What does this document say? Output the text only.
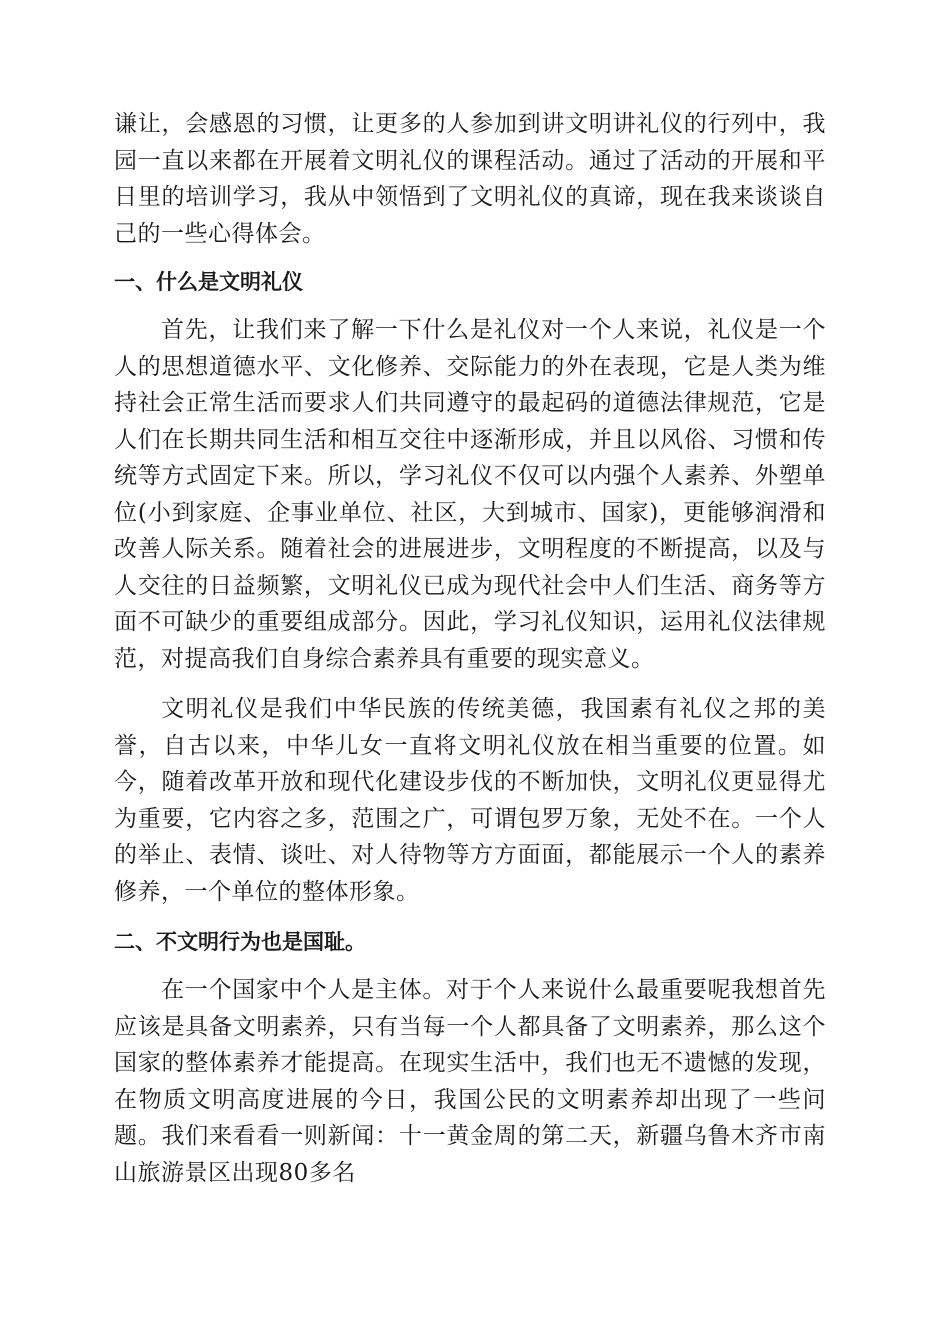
谦让，会感恩的习惯，让更多的人参加到讲文明讲礼仪的行列中，我园一直以来都在开展着文明礼仪的课程活动。通过了活动的开展和平日里的培训学习，我从中领悟到了文明礼仪的真谛，现在我来谈谈自己的一些心得体会。

一、什么是文明礼仪

首先，让我们来了解一下什么是礼仪对一个人来说，礼仪是一个人的思想道德水平、文化修养、交际能力的外在表现，它是人类为维持社会正常生活而要求人们共同遵守的最起码的道德法律规范，它是人们在长期共同生活和相互交往中逐渐形成，并且以风俗、习惯和传统等方式固定下来。所以，学习礼仪不仅可以内强个人素养、外塑单位(小到家庭、企事业单位、社区，大到城市、国家)，更能够润滑和改善人际关系。随着社会的进展进步，文明程度的不断提高，以及与人交往的日益频繁，文明礼仪已成为现代社会中人们生活、商务等方面不可缺少的重要组成部分。因此，学习礼仪知识，运用礼仪法律规范，对提高我们自身综合素养具有重要的现实意义。

文明礼仪是我们中华民族的传统美德，我国素有礼仪之邦的美誉，自古以来，中华儿女一直将文明礼仪放在相当重要的位置。如今，随着改革开放和现代化建设步伐的不断加快，文明礼仪更显得尤为重要，它内容之多，范围之广，可谓包罗万象，无处不在。一个人的举止、表情、谈吐、对人待物等方方面面，都能展示一个人的素养修养，一个单位的整体形象。

二、不文明行为也是国耻。

在一个国家中个人是主体。对于个人来说什么最重要呢我想首先应该是具备文明素养，只有当每一个人都具备了文明素养，那么这个国家的整体素养才能提高。在现实生活中，我们也无不遗憾的发现，在物质文明高度进展的今日，我国公民的文明素养却出现了一些问题。我们来看看一则新闻：十一黄金周的第二天，新疆乌鲁木齐市南山旅游景区出现80多名
